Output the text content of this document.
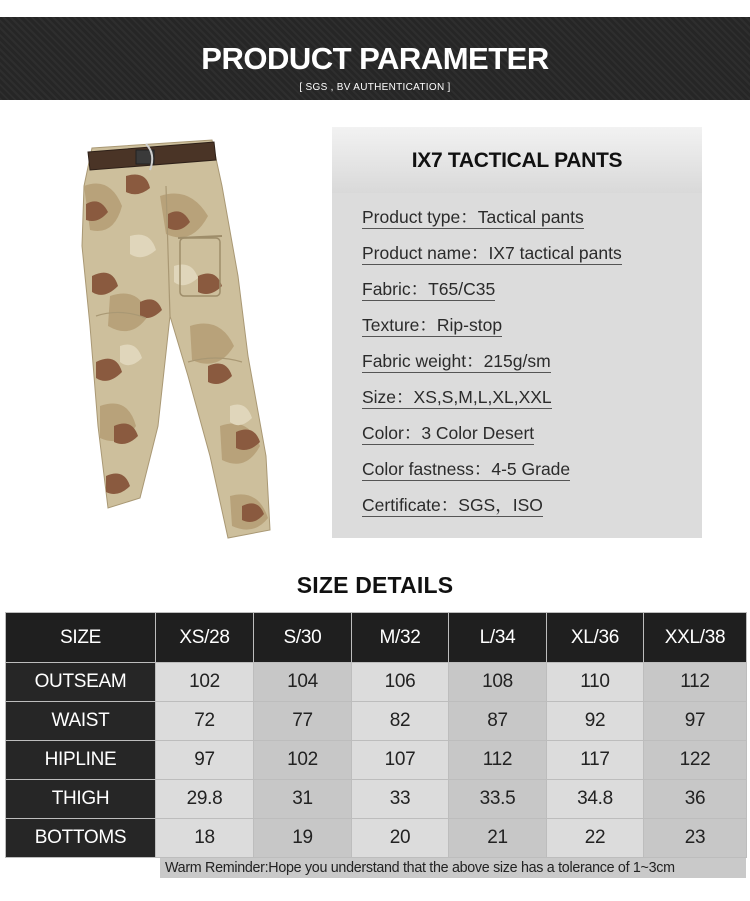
PRODUCT PARAMETER
[ SGS , BV AUTHENTICATION ]
IX7 TACTICAL PANTS
Product type：Tactical pants
Product name：IX7 tactical pants
Fabric：T65/C35
Texture：Rip-stop
Fabric weight：215g/sm
Size：XS,S,M,L,XL,XXL
Color：3 Color Desert
Color fastness：4-5 Grade
Certificate：SGS，ISO
SIZE DETAILS
SIZE	XS/28	S/30	M/32	L/34	XL/36	XXL/38
OUTSEAM	102	104	106	108	110	112
WAIST	72	77	82	87	92	97
HIPLINE	97	102	107	112	117	122
THIGH	29.8	31	33	33.5	34.8	36
BOTTOMS	18	19	20	21	22	23
Warm Reminder:Hope you understand that the above size has a tolerance of 1~3cm
